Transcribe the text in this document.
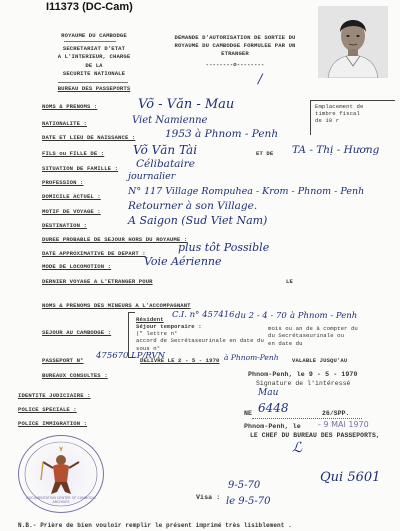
I11373 (DC-Cam)
ROYAUME DU CAMBODGE
SECRETARIAT D'ETAT
A L'INTERIEUR, CHARGE
DE LA
SECURITE NATIONALE
BUREAU DES PASSEPORTS
DEMANDE D'AUTORISATION DE SORTIE DU
ROYAUME DU CAMBODGE FORMULEE PAR UN
ETRANGER
--------o--------
Emplacement de
timbre fiscal
de 10 r
/
NOMS & PRENOMS :	Võ - Văn - Mau
NATIONALITE :	Viet Namienne
DATE ET LIEU DE NAISSANCE :	1953 à Phnom - Penh
FILS ou FILLE DE : Võ Văn Tài	ET DE TA - Thị - Hương
SITUATION DE FAMILLE : Célibataire
PROFESSION :
journalier
DOMICILE ACTUEL :	N° 117 Village Rompuhea - Krom - Phnom - Penh
MOTIF DE VOYAGE :	Retourner à son Village.
DESTINATION :	A Saigon (Sud Viet Nam)
DUREE PROBABLE DE SEJOUR HORS DU ROYAUME :
DATE APPROXIMATIVE DE DEPART :	plus tôt Possible
MODE DE LOCOMOTION :	Voie Aérienne
DERNIER VOYAGE A L'ETRANGER POUR	LE
NOMS & PRENOMS DES MINEURS A L'ACCOMPAGNANT
SEJOUR AU CAMBODGE :
Résident C.I. n° 457416 du 2 - 4 - 70 à Phnom - Penh
Séjour temporaire :
(" lettre n°
accord de Secrétaseurinale en date du
sous n°
mois ou an de à compter du
du Secrétaseurinale ou
en date du
PASSEPORT N° 475670 LP/RVN
DELIVRE LE 2 - 5 - 1970 à Phnom-Penh VALABLE JUSQU'AU
BUREAUX CONSULTES :	Phnom-Penh, le 9 - 5 - 1970
Signature de l'intéressé
Mau
NE 6448	26/SPP.
Phnom-Penh, le - 9 MAI 1970
LE CHEF DU BUREAU DES PASSEPORTS,
ℒ
IDENTITE JUDICIAIRE :
POLICE SPECIALE :
POLICE IMMIGRATION :
DOCUMENTATION CENTER OF CAMBODIA ARCHIVES
Visa :
9-5-70
le 9-5-70
Qui 5601
N.B.- Prière de bien vouloir remplir le présent imprimé très lisiblement .
